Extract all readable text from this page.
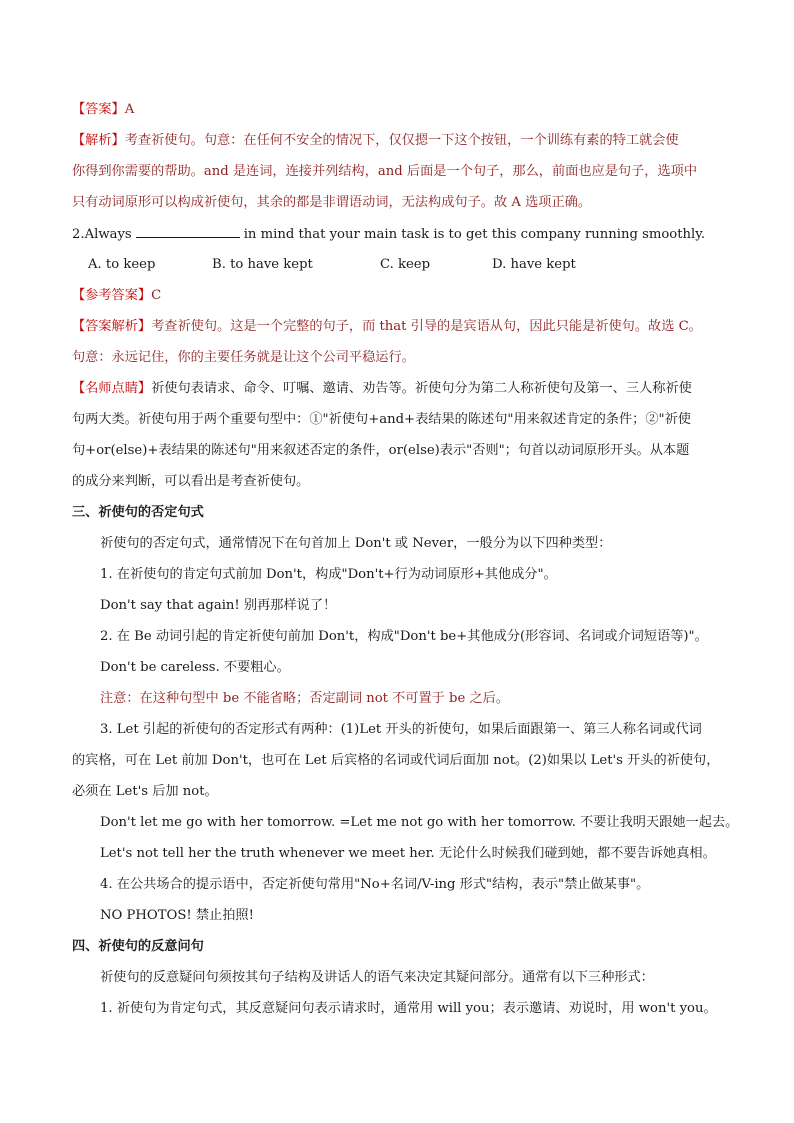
【答案】A
【解析】考查祈使句。句意：在任何不安全的情况下，仅仅摁一下这个按钮，一个训练有素的特工就会使
你得到你需要的帮助。and 是连词，连接并列结构，and 后面是一个句子，那么，前面也应是句子，选项中
只有动词原形可以构成祈使句，其余的都是非谓语动词，无法构成句子。故 A 选项正确。
2.Always	in mind that your main task is to get this company running smoothly.
A. to keep	B. to have kept	C. keep	D. have kept
【参考答案】C
【答案解析】考查祈使句。这是一个完整的句子，而 that 引导的是宾语从句，因此只能是祈使句。故选 C。
句意：永远记住，你的主要任务就是让这个公司平稳运行。
【名师点睛】祈使句表请求、命令、叮嘱、邀请、劝告等。祈使句分为第二人称祈使句及第一、三人称祈使
句两大类。祈使句用于两个重要句型中：①"祈使句+and+表结果的陈述句"用来叙述肯定的条件；②"祈使
句+or(else)+表结果的陈述句"用来叙述否定的条件，or(else)表示"否则"；句首以动词原形开头。从本题
的成分来判断，可以看出是考查祈使句。
三、祈使句的否定句式
祈使句的否定句式，通常情况下在句首加上 Don't 或 Never，一般分为以下四种类型：
1. 在祈使句的肯定句式前加 Don't，构成"Don't+行为动词原形+其他成分"。
Don't say that again! 别再那样说了！
2. 在 Be 动词引起的肯定祈使句前加 Don't，构成"Don't be+其他成分(形容词、名词或介词短语等)"。
Don't be careless. 不要粗心。
注意：在这种句型中 be 不能省略；否定副词 not 不可置于 be 之后。
3. Let 引起的祈使句的否定形式有两种：(1)Let 开头的祈使句，如果后面跟第一、第三人称名词或代词
的宾格，可在 Let 前加 Don't，也可在 Let 后宾格的名词或代词后面加 not。(2)如果以 Let's 开头的祈使句，
必须在 Let's 后加 not。
Don't let me go with her tomorrow. =Let me not go with her tomorrow. 不要让我明天跟她一起去。
Let's not tell her the truth whenever we meet her. 无论什么时候我们碰到她，都不要告诉她真相。
4. 在公共场合的提示语中，否定祈使句常用"No+名词/V-ing 形式"结构，表示"禁止做某事"。
NO PHOTOS! 禁止拍照!
四、祈使句的反意问句
祈使句的反意疑问句须按其句子结构及讲话人的语气来决定其疑问部分。通常有以下三种形式：
1. 祈使句为肯定句式，其反意疑问句表示请求时，通常用 will you；表示邀请、劝说时，用 won't you。
